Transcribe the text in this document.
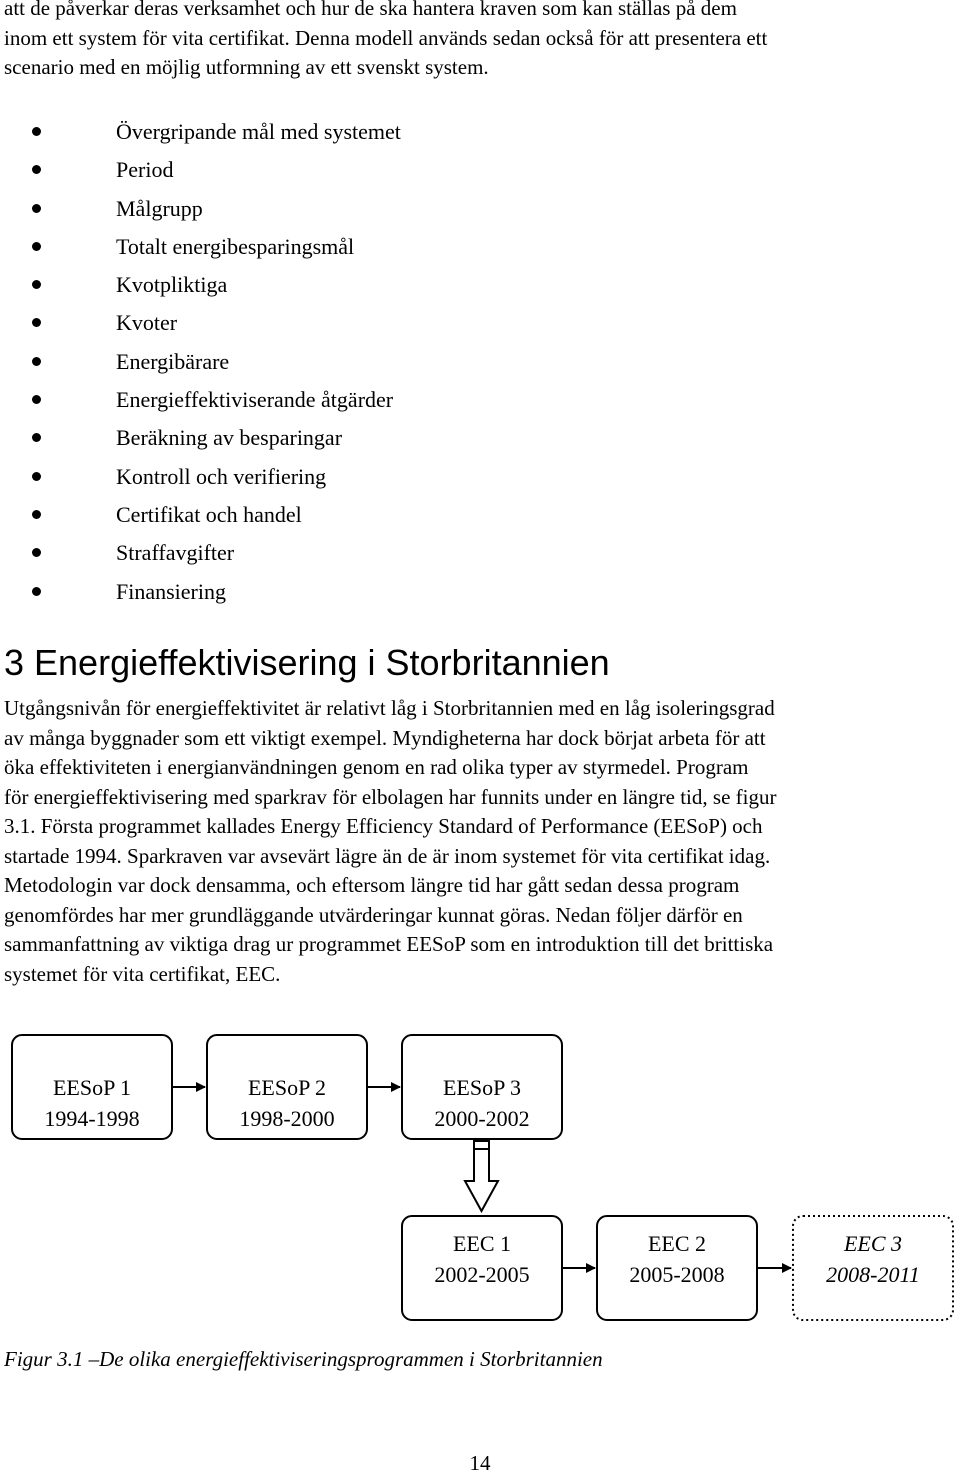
att de påverkar deras verksamhet och hur de ska hantera kraven som kan ställas på dem

inom ett system för vita certifikat. Denna modell används sedan också för att presentera ett

scenario med en möjlig utformning av ett svenskt system.

Övergripande mål med systemet
Period
Målgrupp
Totalt energibesparingsmål
Kvotpliktiga
Kvoter
Energibärare
Energieffektiviserande åtgärder
Beräkning av besparingar
Kontroll och verifiering
Certifikat och handel
Straffavgifter
Finansiering
3 Energieffektivisering i Storbritannien
Utgångsnivån för energieffektivitet är relativt låg i Storbritannien med en låg isoleringsgrad
av många byggnader som ett viktigt exempel. Myndigheterna har dock börjat arbeta för att
öka effektiviteten i energianvändningen genom en rad olika typer av styrmedel. Program
för energieffektivisering med sparkrav för elbolagen har funnits under en längre tid, se figur
3.1. Första programmet kallades Energy Efficiency Standard of Performance (EESoP) och
startade 1994. Sparkraven var avsevärt lägre än de är inom systemet för vita certifikat idag.
Metodologin var dock densamma, och eftersom längre tid har gått sedan dessa program
genomfördes har mer grundläggande utvärderingar kunnat göras. Nedan följer därför en
sammanfattning av viktiga drag ur programmet EESoP som en introduktion till det brittiska
systemet för vita certifikat, EEC.
EESoP 1
1994-1998
EESoP 2
1998-2000
EESoP 3
2000-2002
EEC 1
2002-2005
EEC 2
2005-2008
EEC 3
2008-2011

Figur 3.1 –De olika energieffektiviseringsprogrammen i Storbritannien

14
